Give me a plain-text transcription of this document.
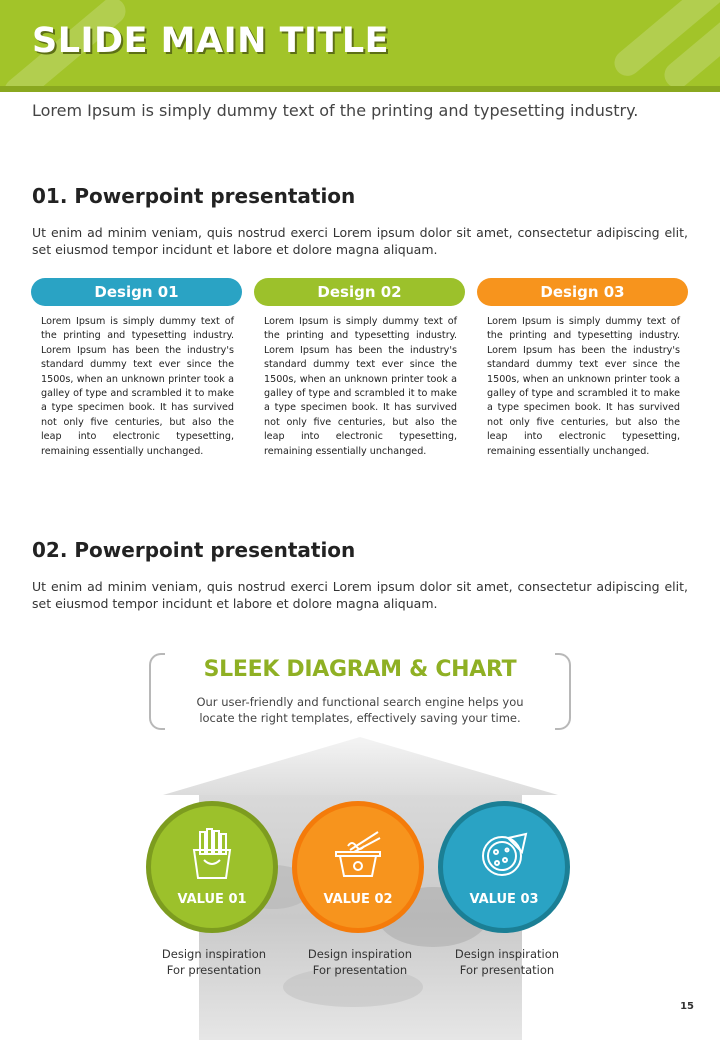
SLIDE MAIN TITLE
Lorem Ipsum is simply dummy text of the printing and typesetting industry.
01. Powerpoint presentation
Ut enim ad minim veniam, quis nostrud exerci Lorem ipsum dolor sit amet, consectetur adipiscing elit, set eiusmod tempor incidunt et labore et dolore magna aliquam.
Design 01	Design 02	Design 03
Lorem Ipsum is simply dummy text of the printing and typesetting industry. Lorem Ipsum has been the industry's standard dummy text ever since the 1500s, when an unknown printer took a galley of type and scrambled it to make a type specimen book. It has survived not only five centuries, but also the leap into electronic typesetting, remaining essentially unchanged.
Lorem Ipsum is simply dummy text of the printing and typesetting industry. Lorem Ipsum has been the industry's standard dummy text ever since the 1500s, when an unknown printer took a galley of type and scrambled it to make a type specimen book. It has survived not only five centuries, but also the leap into electronic typesetting, remaining essentially unchanged.
Lorem Ipsum is simply dummy text of the printing and typesetting industry. Lorem Ipsum has been the industry's standard dummy text ever since the 1500s, when an unknown printer took a galley of type and scrambled it to make a type specimen book. It has survived not only five centuries, but also the leap into electronic typesetting, remaining essentially unchanged.
02. Powerpoint presentation
Ut enim ad minim veniam, quis nostrud exerci Lorem ipsum dolor sit amet, consectetur adipiscing elit, set eiusmod tempor incidunt et labore et dolore magna aliquam.
SLEEK DIAGRAM & CHART
Our user-friendly and functional search engine helps you locate the right templates, effectively saving your time.
VALUE 01	VALUE 02	VALUE 03
Design inspiration
For presentation
Design inspiration
For presentation
Design inspiration
For presentation
15
